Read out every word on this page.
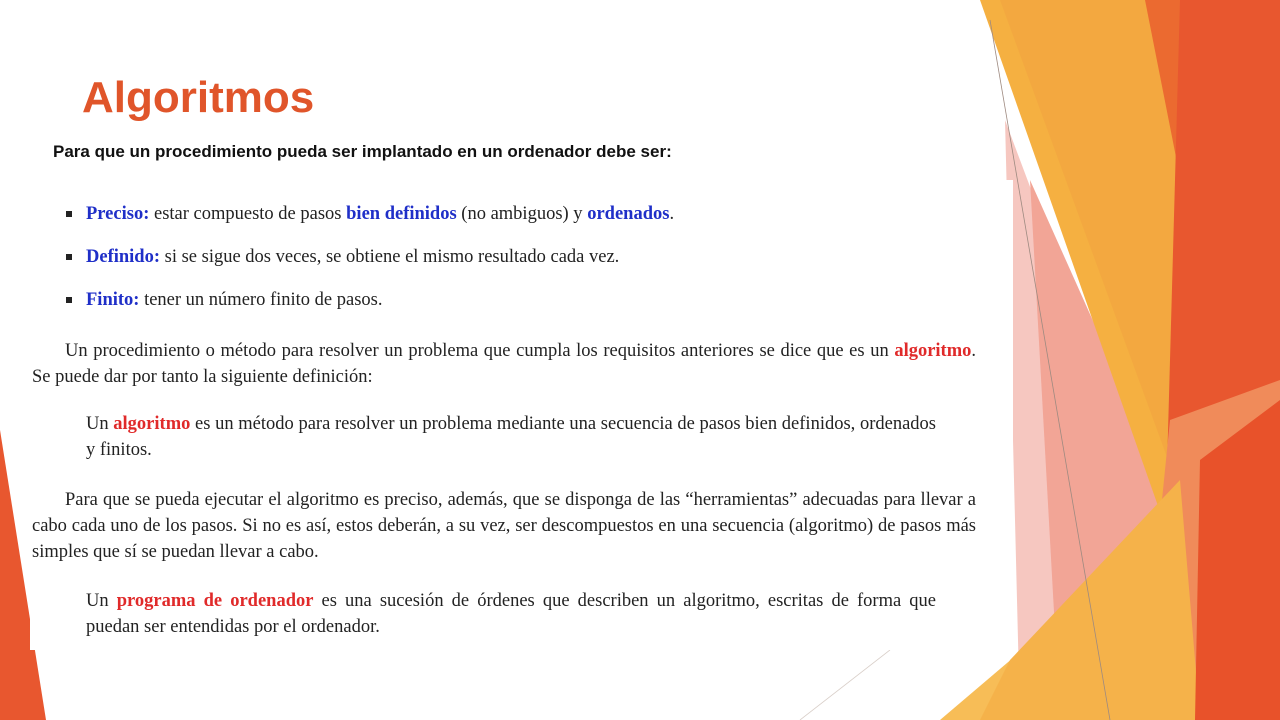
Algoritmos

Para que un procedimiento pueda ser implantado en un ordenador debe ser:

Preciso: estar compuesto de pasos bien definidos (no ambiguos) y ordenados.
Definido: si se sigue dos veces, se obtiene el mismo resultado cada vez.
Finito: tener un número finito de pasos.

Un procedimiento o método para resolver un problema que cumpla los requisitos anteriores se dice que es un algoritmo. Se puede dar por tanto la siguiente definición:

Un algoritmo es un método para resolver un problema mediante una secuencia de pasos bien definidos, ordenados y finitos.

Para que se pueda ejecutar el algoritmo es preciso, además, que se disponga de las “herramientas” adecuadas para llevar a cabo cada uno de los pasos. Si no es así, estos deberán, a su vez, ser descompuestos en una secuencia (algoritmo) de pasos más simples que sí se puedan llevar a cabo.

Un programa de ordenador es una sucesión de órdenes que describen un algoritmo, escritas de forma que puedan ser entendidas por el ordenador.
